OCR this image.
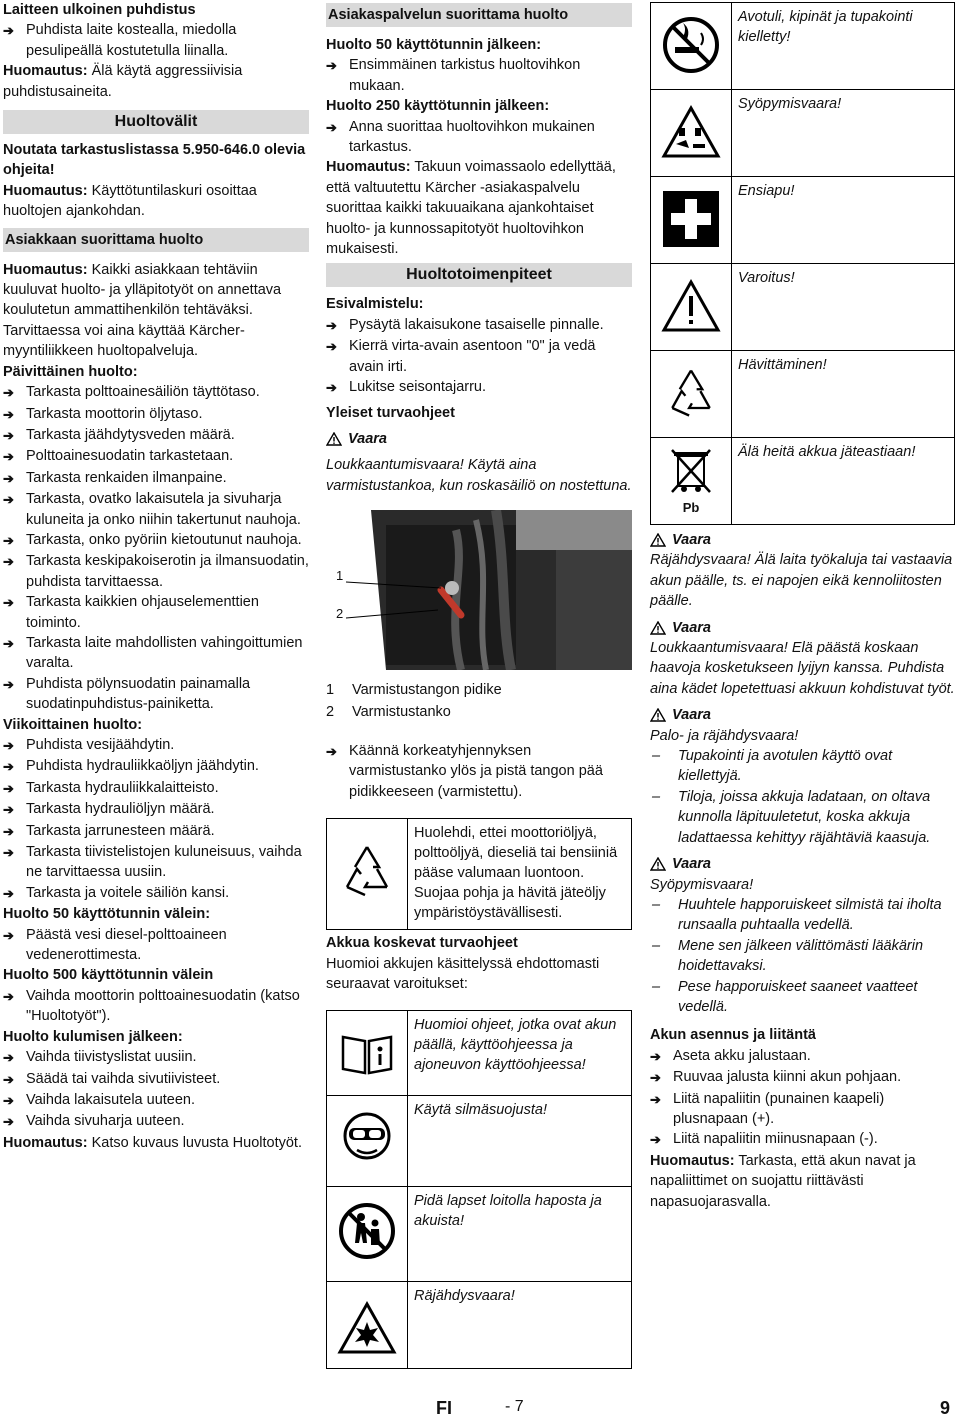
Laitteen ulkoinen puhdistus

➔ Puhdista laite kostealla, miedolla pesulipeällä kostutetulla liinalla.

Huomautus: Älä käytä aggressiivisia puhdistusaineita.

Huoltovälit

Noutata tarkastuslistassa 5.950-646.0 olevia ohjeita!

Huomautus: Käyttötuntilaskuri osoittaa huoltojen ajankohdan.

Asiakkaan suorittama huolto

Huomautus: Kaikki asiakkaan tehtäviin kuuluvat huolto- ja ylläpitotyöt on annettava koulutetun ammattihenkilön tehtäväksi.

Tarvittaessa voi aina käyttää Kärcher-myyntiliikkeen huoltopalveluja.

Päivittäinen huolto:

➔ Tarkasta polttoainesäiliön täyttötaso.
➔ Tarkasta moottorin öljytaso.
➔ Tarkasta jäähdytysveden määrä.
➔ Polttoainesuodatin tarkastetaan.
➔ Tarkasta renkaiden ilmanpaine.
➔ Tarkasta, ovatko lakaisutela ja sivuharja kuluneita ja onko niihin takertunut nauhoja.
➔ Tarkasta, onko pyöriin kietoutunut nauhoja.
➔ Tarkasta keskipakoiserotin ja ilmansuodatin, puhdista tarvittaessa.
➔ Tarkasta kaikkien ohjauselementtien toiminto.
➔ Tarkasta laite mahdollisten vahingoittumien varalta.
➔ Puhdista pölynsuodatin painamalla suodatinpuhdistus-painiketta.

Viikoittainen huolto:

➔ Puhdista vesijäähdytin.
➔ Puhdista hydrauliikkaöljyn jäähdytin.
➔ Tarkasta hydrauliikkalaitteisto.
➔ Tarkasta hydrauliöljyn määrä.
➔ Tarkasta jarrunesteen määrä.
➔ Tarkasta tiivistelistojen kuluneisuus, vaihda ne tarvittaessa uusiin.
➔ Tarkasta ja voitele säiliön kansi.

Huolto 50 käyttötunnin välein:

➔ Päästä vesi diesel-polttoaineen vedenerottimesta.

Huolto 500 käyttötunnin välein

➔ Vaihda moottorin polttoainesuodatin (katso "Huoltotyöt").

Huolto kulumisen jälkeen:

➔ Vaihda tiivistyslistat uusiin.
➔ Säädä tai vaihda sivutiivisteet.
➔ Vaihda lakaisutela uuteen.
➔ Vaihda sivuharja uuteen.

Huomautus: Katso kuvaus luvusta Huoltotyöt.

Asiakaspalvelun suorittama huolto

Huolto 50 käyttötunnin jälkeen:

➔ Ensimmäinen tarkistus huoltovihkon mukaan.

Huolto 250 käyttötunnin jälkeen:

➔ Anna suorittaa huoltovihkon mukainen tarkastus.

Huomautus: Takuun voimassaolo edellyttää, että valtuutettu Kärcher -asiakaspalvelu suorittaa kaikki takuuaikana ajankohtaiset huolto- ja kunnossapitotyöt huoltovihkon mukaisesti.

Huoltotoimenpiteet

Esivalmistelu:

➔ Pysäytä lakaisukone tasaiselle pinnalle.
➔ Kierrä virta-avain asentoon "0" ja vedä avain irti.
➔ Lukitse seisontajarru.

Yleiset turvaohjeet

Vaara

Loukkaantumisvaara! Käytä aina varmistustankoa, kun roskasäiliö on nostettuna.

1
2
1	Varmistustangon pidike
2	Varmistustanko
➔ Käännä korkeatyhjennyksen varmistustanko ylös ja pistä tangon pää pidikkeeseen (varmistettu).
	Huolehdi, ettei moottoriöljyä, polttoöljyä, dieseliä tai bensiiniä pääse valumaan luontoon. Suojaa pohja ja hävitä jäteöljy ympäristöystävällisesti.

Akkua koskevat turvaohjeet

Huomioi akkujen käsittelyssä ehdottomasti seuraavat varoitukset:

	Huomioi ohjeet, jotka ovat akun päällä, käyttöohjeessa ja ajoneuvon käyttöohjeessa!
	Käytä silmäsuojusta!
	Pidä lapset loitolla haposta ja akuista!
	Räjähdysvaara!
	Avotuli, kipinät ja tupakointi kielletty!
	Syöpymisvaara!
	Ensiapu!
	Varoitus!
	Hävittäminen!

Pb	Älä heitä akkua jäteastiaan!
Vaara

Räjähdysvaara! Älä laita työkaluja tai vastaavia akun päälle, ts. ei napojen eikä kennoliitosten päälle.

Vaara

Loukkaantumisvaara! Elä päästä koskaan haavoja kosketukseen lyijyn kanssa. Puhdista aina kädet lopetettuasi akkuun kohdistuvat työt.

Vaara

Palo- ja räjähdysvaara!

–	Tupakointi ja avotulen käyttö ovat kiellettyjä.
–	Tiloja, joissa akkuja ladataan, on oltava kunnolla läpituuletetut, koska akkuja ladattaessa kehittyy räjähtäviä kaasuja.
Vaara

Syöpymisvaara!

–	Huuhtele happoruiskeet silmistä tai iholta runsaalla puhtaalla vedellä.
–	Mene sen jälkeen välittömästi lääkärin hoidettavaksi.
–	Pese happoruiskeet saaneet vaatteet vedellä.

Akun asennus ja liitäntä

➔ Aseta akku jalustaan.
➔ Ruuvaa jalusta kiinni akun pohjaan.
➔ Liitä napaliitin (punainen kaapeli) plusnapaan (+).
➔ Liitä napaliitin miinusnapaan (-).

Huomautus: Tarkasta, että akun navat ja napaliittimet on suojattu riittävästi napasuojarasvalla.

FI	- 7	9
